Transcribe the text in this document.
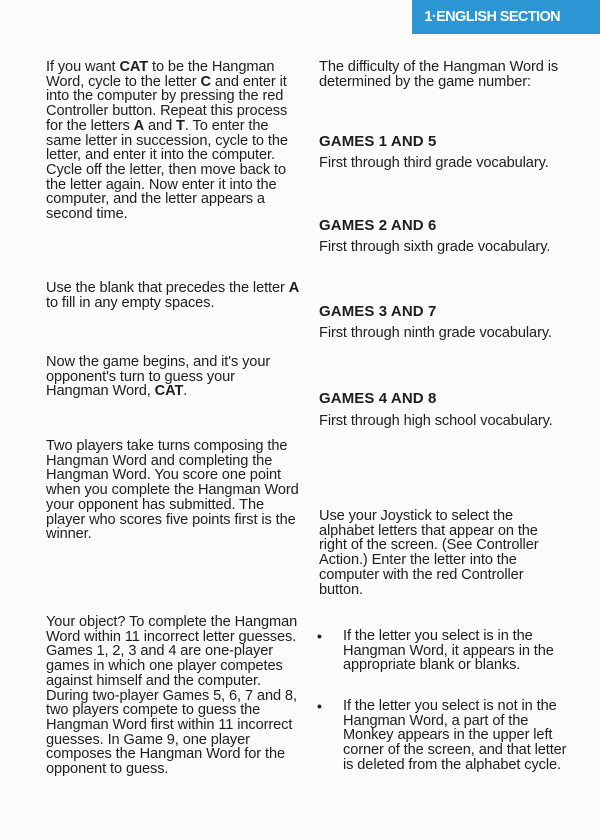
1·ENGLISH SECTION

If you want CAT to be the Hangman Word, cycle to the letter C and enter it into the computer by pressing the red Controller button. Repeat this process for the letters A and T. To enter the same letter in succession, cycle to the letter, and enter it into the computer. Cycle off the letter, then move back to the letter again. Now enter it into the computer, and the letter appears a second time.

Use the blank that precedes the letter A to fill in any empty spaces.

Now the game begins, and it's your opponent's turn to guess your Hangman Word, CAT.

Two players take turns composing the Hangman Word and completing the Hangman Word. You score one point when you complete the Hangman Word your opponent has submitted. The player who scores five points first is the winner.

Your object? To complete the Hangman Word within 11 incorrect letter guesses. Games 1, 2, 3 and 4 are one-player games in which one player competes against himself and the computer. During two-player Games 5, 6, 7 and 8, two players compete to guess the Hangman Word first within 11 incorrect guesses. In Game 9, one player composes the Hangman Word for the opponent to guess.

The difficulty of the Hangman Word is determined by the game number:

GAMES 1 AND 5

First through third grade vocabulary.

GAMES 2 AND 6

First through sixth grade vocabulary.

GAMES 3 AND 7

First through ninth grade vocabulary.

GAMES 4 AND 8

First through high school vocabulary.

Use your Joystick to select the alphabet letters that appear on the right of the screen. (See Controller Action.) Enter the letter into the computer with the red Controller button.

• If the letter you select is in the Hangman Word, it appears in the appropriate blank or blanks.

• If the letter you select is not in the Hangman Word, a part of the Monkey appears in the upper left corner of the screen, and that letter is deleted from the alphabet cycle.
